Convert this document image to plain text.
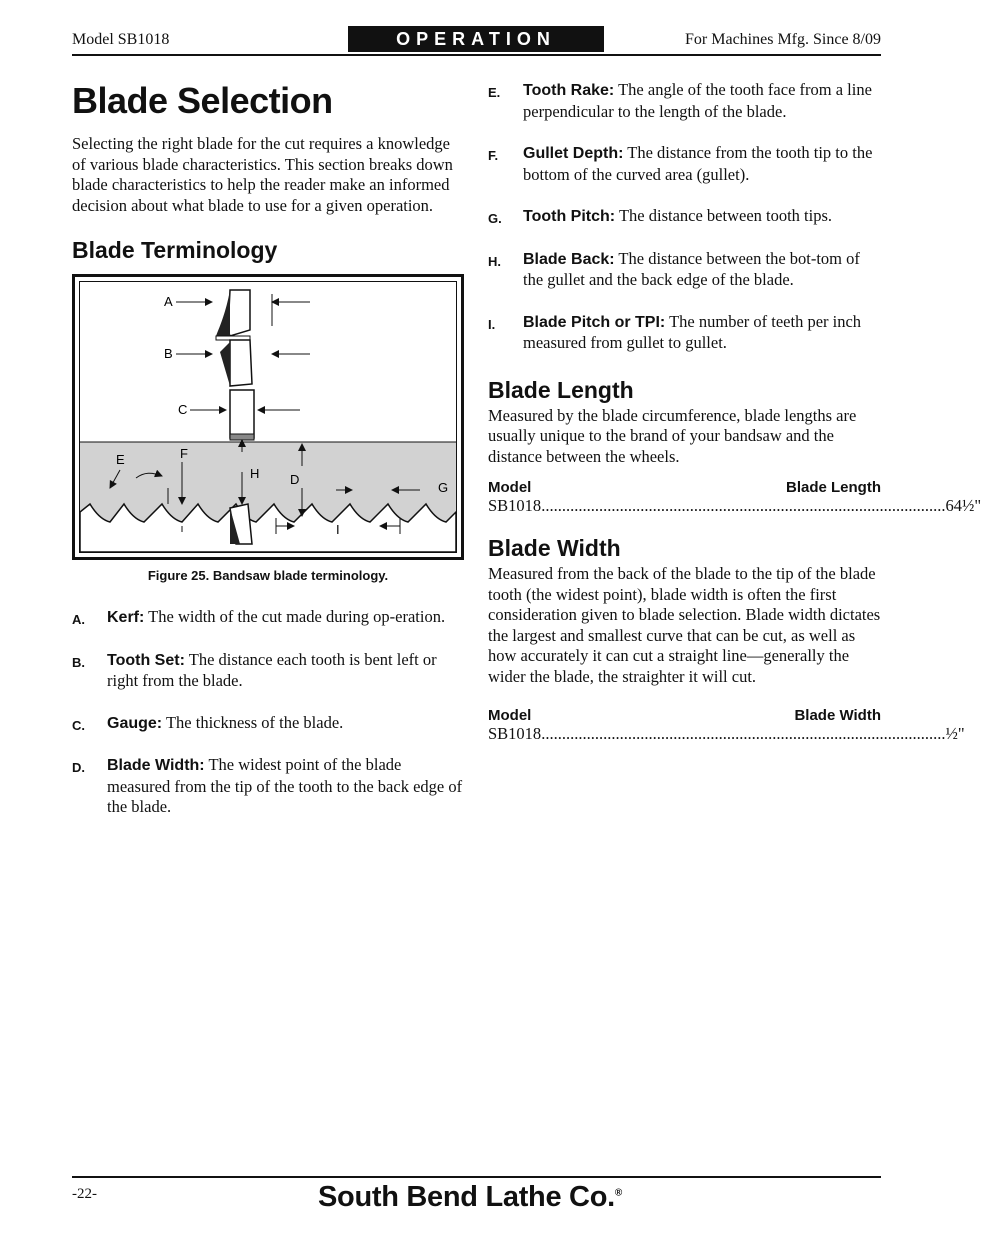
Model SB1018	OPERATION	For Machines Mfg. Since 8/09
Blade Selection

Selecting the right blade for the cut requires a knowledge of various blade characteristics. This section breaks down blade characteristics to help the reader make an informed decision about what blade to use for a given operation.

Blade Terminology
A
B
C
E	F
H D
G
I
Figure 25. Bandsaw blade terminology.
A. Kerf: The width of the cut made during op-eration.
B. Tooth Set: The distance each tooth is bent left or right from the blade.
C. Gauge: The thickness of the blade.
D. Blade Width: The widest point of the blade measured from the tip of the tooth to the back edge of the blade.
E. Tooth Rake: The angle of the tooth face from a line perpendicular to the length of the blade.
F. Gullet Depth: The distance from the tooth tip to the bottom of the curved area (gullet).
G. Tooth Pitch: The distance between tooth tips.
H. Blade Back: The distance between the bot-tom of the gullet and the back edge of the blade.
I. Blade Pitch or TPI: The number of teeth per inch measured from gullet to gullet.
Blade Length

Measured by the blade circumference, blade lengths are usually unique to the brand of your bandsaw and the distance between the wheels.

Model	Blade Length
SB1018 .................................................................................................. 64½"
Blade Width

Measured from the back of the blade to the tip of the blade tooth (the widest point), blade width is often the first consideration given to blade selection. Blade width dictates the largest and smallest curve that can be cut, as well as how accurately it can cut a straight line—generally the wider the blade, the straighter it will cut.

Model	Blade Width
SB1018 .................................................................................................. ½"
-22-	South Bend Lathe Co.®
